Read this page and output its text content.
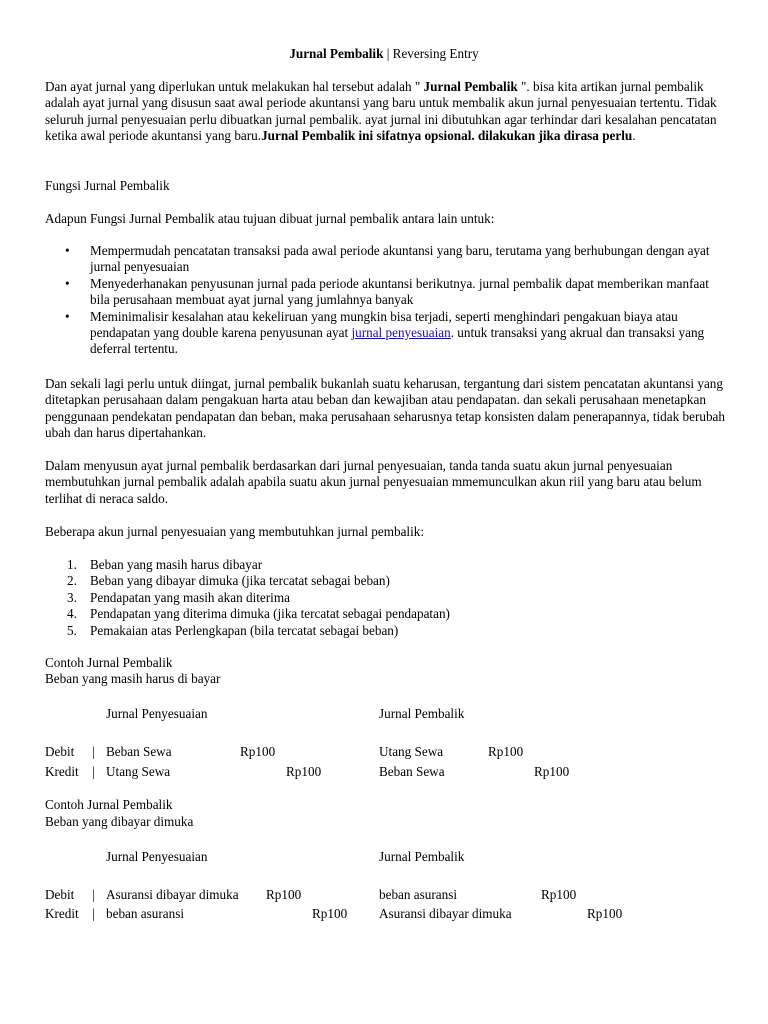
Jurnal Pembalik | Reversing Entry

Dan ayat jurnal yang diperlukan untuk melakukan hal tersebut adalah " Jurnal Pembalik ". bisa kita artikan jurnal pembalik adalah ayat jurnal yang disusun saat awal periode akuntansi yang baru untuk membalik akun jurnal penyesuaian tertentu. Tidak seluruh jurnal penyesuaian perlu dibuatkan jurnal pembalik. ayat jurnal ini dibutuhkan agar terhindar dari kesalahan pencatatan ketika awal periode akuntansi yang baru.Jurnal Pembalik ini sifatnya opsional. dilakukan jika dirasa perlu.

Fungsi Jurnal Pembalik
Adapun Fungsi Jurnal Pembalik atau tujuan dibuat jurnal pembalik antara lain untuk:
• Mempermudah pencatatan transaksi pada awal periode akuntansi yang baru, terutama yang berhubungan dengan ayat jurnal penyesuaian
• Menyederhanakan penyusunan jurnal pada periode akuntansi berikutnya. jurnal pembalik dapat memberikan manfaat bila perusahaan membuat ayat jurnal yang jumlahnya banyak
• Meminimalisir kesalahan atau kekeliruan yang mungkin bisa terjadi, seperti menghindari pengakuan biaya atau pendapatan yang double karena penyusunan ayat jurnal penyesuaian. untuk transaksi yang akrual dan transaksi yang deferral tertentu.

Dan sekali lagi perlu untuk diingat, jurnal pembalik bukanlah suatu keharusan, tergantung dari sistem pencatatan akuntansi yang ditetapkan perusahaan dalam pengakuan harta atau beban dan kewajiban atau pendapatan. dan sekali perusahaan menetapkan penggunaan pendekatan pendapatan dan beban, maka perusahaan seharusnya tetap konsisten dalam penerapannya, tidak berubah ubah dan harus dipertahankan.

Dalam menyusun ayat jurnal pembalik berdasarkan dari jurnal penyesuaian, tanda tanda suatu akun jurnal penyesuaian membutuhkan jurnal pembalik adalah apabila suatu akun jurnal penyesuaian mmemunculkan akun riil yang baru atau belum terlihat di neraca saldo.

Beberapa akun jurnal penyesuaian yang membutuhkan jurnal pembalik:
1. Beban yang masih harus dibayar
2. Beban yang dibayar dimuka (jika tercatat sebagai beban)
3. Pendapatan yang masih akan diterima
4. Pendapatan yang diterima dimuka (jika tercatat sebagai pendapatan)
5. Pemakaian atas Perlengkapan (bila tercatat sebagai beban)
Contoh Jurnal Pembalik
Beban yang masih harus di bayar
Jurnal Penyesuaian	Jurnal Pembalik
Debit | Beban Sewa	Rp100	Utang Sewa	Rp100
Kredit | Utang Sewa	Rp100	Beban Sewa	Rp100
Contoh Jurnal Pembalik
Beban yang dibayar dimuka
Jurnal Penyesuaian	Jurnal Pembalik
Debit | Asuransi dibayar dimuka Rp100	beban asuransi	Rp100
Kredit | beban asuransi	Rp100 Asuransi dibayar dimuka	Rp100
